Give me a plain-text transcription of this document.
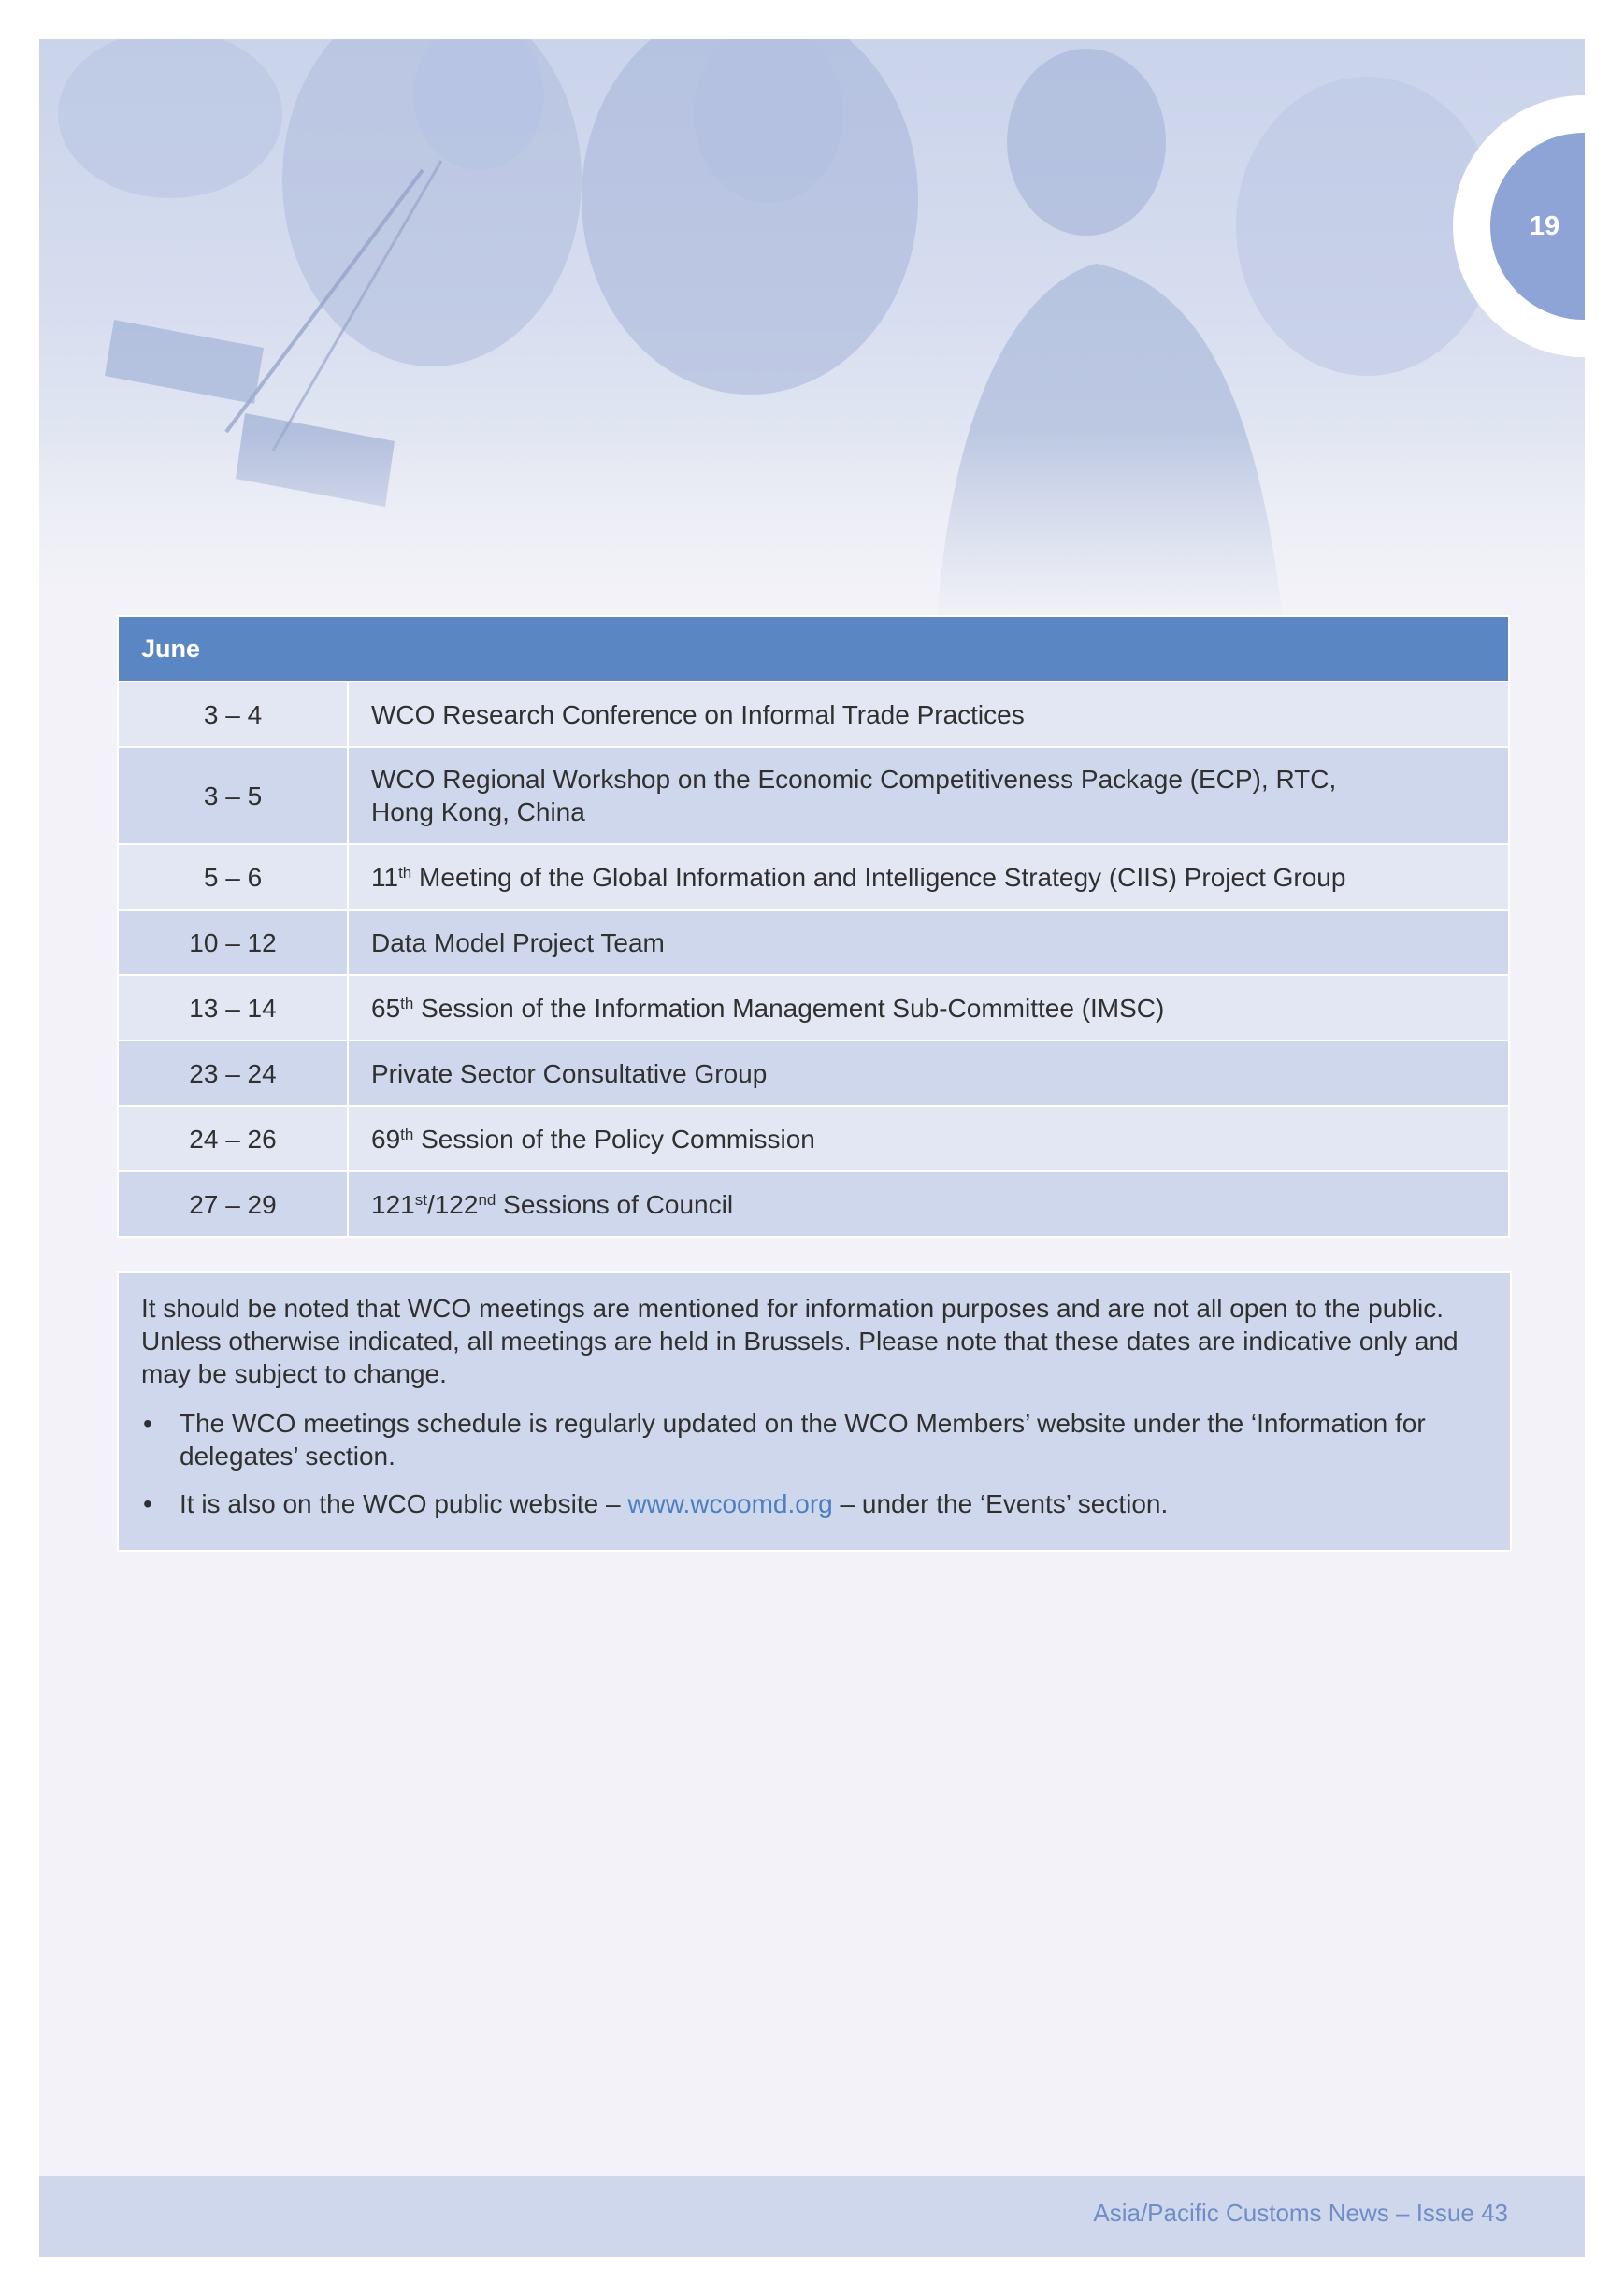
19
June	
3 – 4	WCO Research Conference on Informal Trade Practices
3 – 5	WCO Regional Workshop on the Economic Competitiveness Package (ECP), RTC,
Hong Kong, China
5 – 6	11th Meeting of the Global Information and Intelligence Strategy (CIIS) Project Group
10 – 12	Data Model Project Team
13 – 14	65th Session of the Information Management Sub-Committee (IMSC)
23 – 24	Private Sector Consultative Group
24 – 26	69th Session of the Policy Commission
27 – 29	121st/122nd Sessions of Council

It should be noted that WCO meetings are mentioned for information purposes and are not all open to the public. Unless otherwise indicated, all meetings are held in Brussels. Please note that these dates are indicative only and may be subject to change.

• The WCO meetings schedule is regularly updated on the WCO Members’ website under the ‘Information for delegates’ section.
• It is also on the WCO public website – www.wcoomd.org – under the ‘Events’ section.
Asia/Pacific Customs News – Issue 43
